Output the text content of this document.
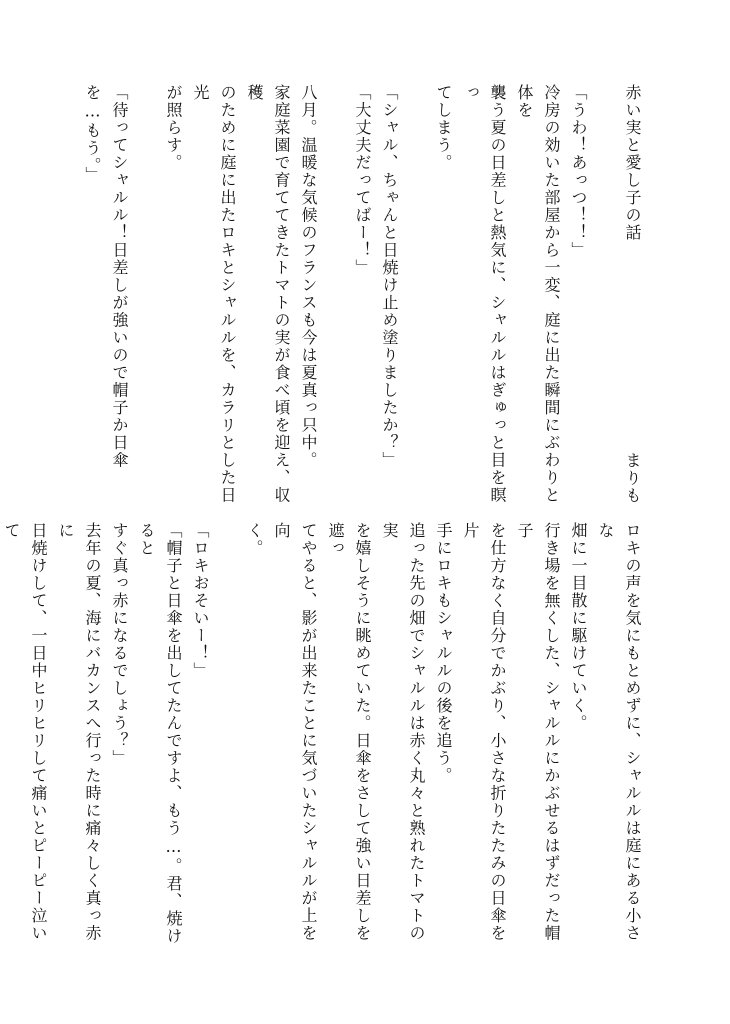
赤い実と愛し子の話
まりも

「うわ！あっつ！！」

冷房の効いた部屋から一変、庭に出た瞬間にぶわりと体を
襲う夏の日差しと熱気に、シャルルはぎゅっと目を瞑っ
てしまう。

「シャル、ちゃんと日焼け止め塗りましたか？」

「大丈夫だってばー！」

八月。温暖な気候のフランスも今は夏真っ只中。
家庭菜園で育ててきたトマトの実が食べ頃を迎え、収穫
のために庭に出たロキとシャルルを、カラリとした日光
が照らす。

「待ってシャルル！日差しが強いので帽子か日傘を…もう。」

ロキの声を気にもとめずに、シャルルは庭にある小さな
畑に一目散に駆けていく。
行き場を無くした、シャルルにかぶせるはずだった帽子
を仕方なく自分でかぶり、小さな折りたたみの日傘を片
手にロキもシャルルの後を追う。
追った先の畑でシャルルは赤く丸々と熟れたトマトの実
を嬉しそうに眺めていた。日傘をさして強い日差しを遮っ
てやると、影が出来たことに気づいたシャルルが上を向
く。

「ロキおそいー！」

「帽子と日傘を出してたんですよ、もう…。君、焼けると
すぐ真っ赤になるでしょう？」

去年の夏、海にバカンスへ行った時に痛々しく真っ赤に
日焼けして、一日中ヒリヒリして痛いとピーピー泣いて
